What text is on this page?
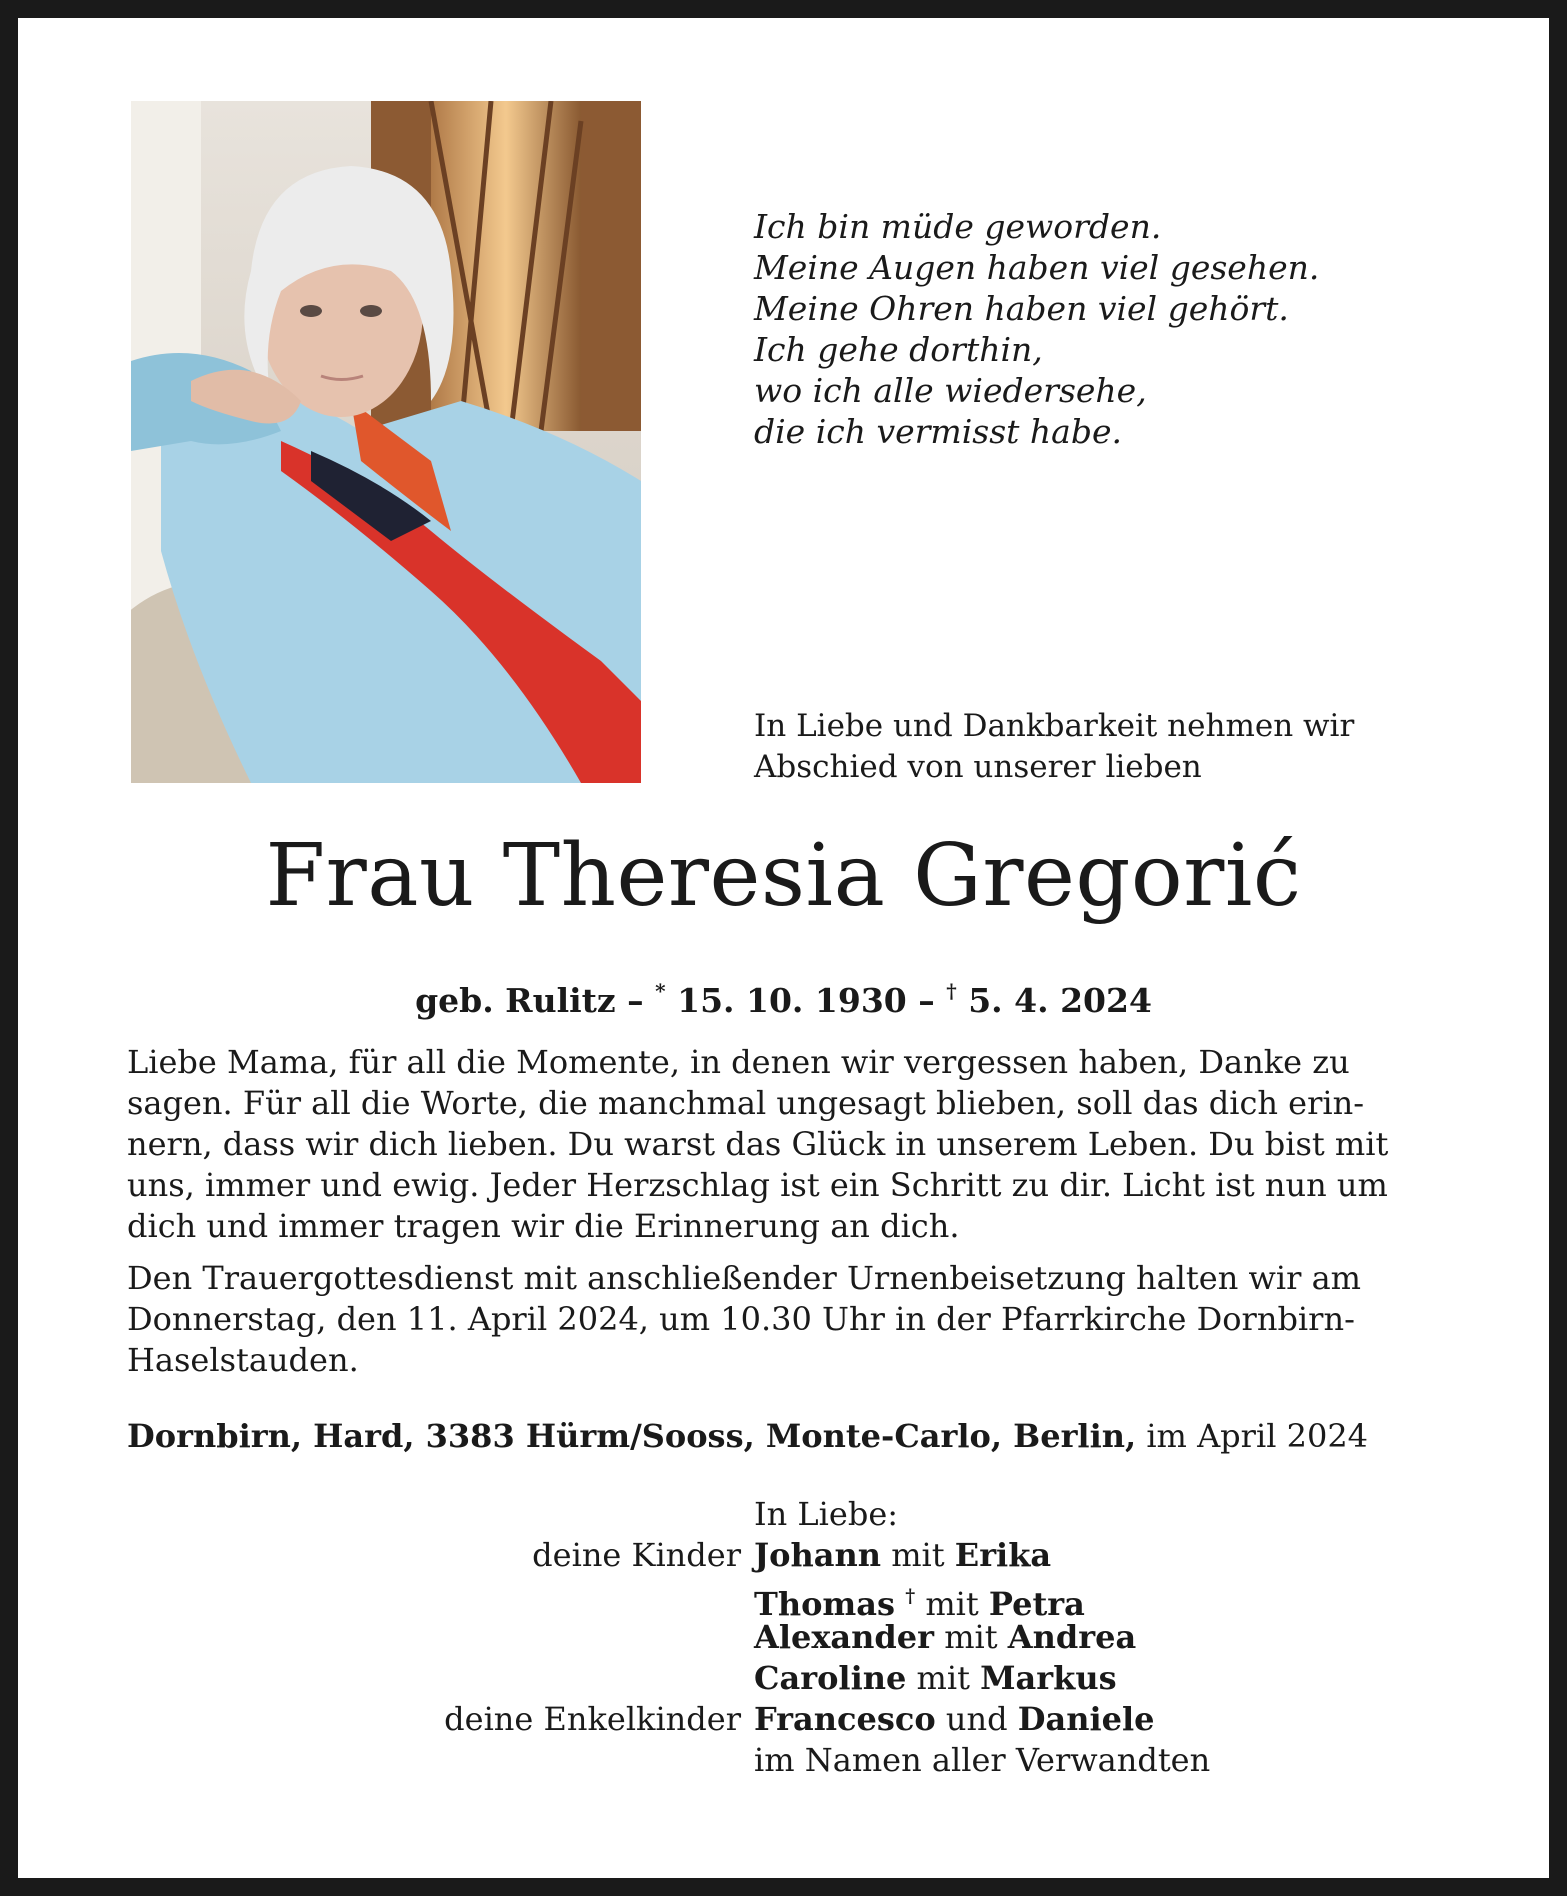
Ich bin müde geworden.
Meine Augen haben viel gesehen.
Meine Ohren haben viel gehört.
Ich gehe dorthin,
wo ich alle wiedersehe,
die ich vermisst habe.
In Liebe und Dankbarkeit nehmen wir
Abschied von unserer lieben
Frau Theresia Gregorić
geb. Rulitz – * 15. 10. 1930 – † 5. 4. 2024
Liebe Mama, für all die Momente, in denen wir vergessen haben, Danke zu
sagen. Für all die Worte, die manchmal ungesagt blieben, soll das dich erin-
nern, dass wir dich lieben. Du warst das Glück in unserem Leben. Du bist mit
uns, immer und ewig. Jeder Herzschlag ist ein Schritt zu dir. Licht ist nun um
dich und immer tragen wir die Erinnerung an dich.
Den Trauergottesdienst mit anschließender Urnenbeisetzung halten wir am
Donnerstag, den 11. April 2024, um 10.30 Uhr in der Pfarrkirche Dornbirn-
Haselstauden.
Dornbirn, Hard, 3383 Hürm/Sooss, Monte-Carlo, Berlin, im April 2024
In Liebe:
deine Kinder Johann mit Erika
Thomas † mit Petra
Alexander mit Andrea
Caroline mit Markus
deine Enkelkinder Francesco und Daniele
im Namen aller Verwandten
